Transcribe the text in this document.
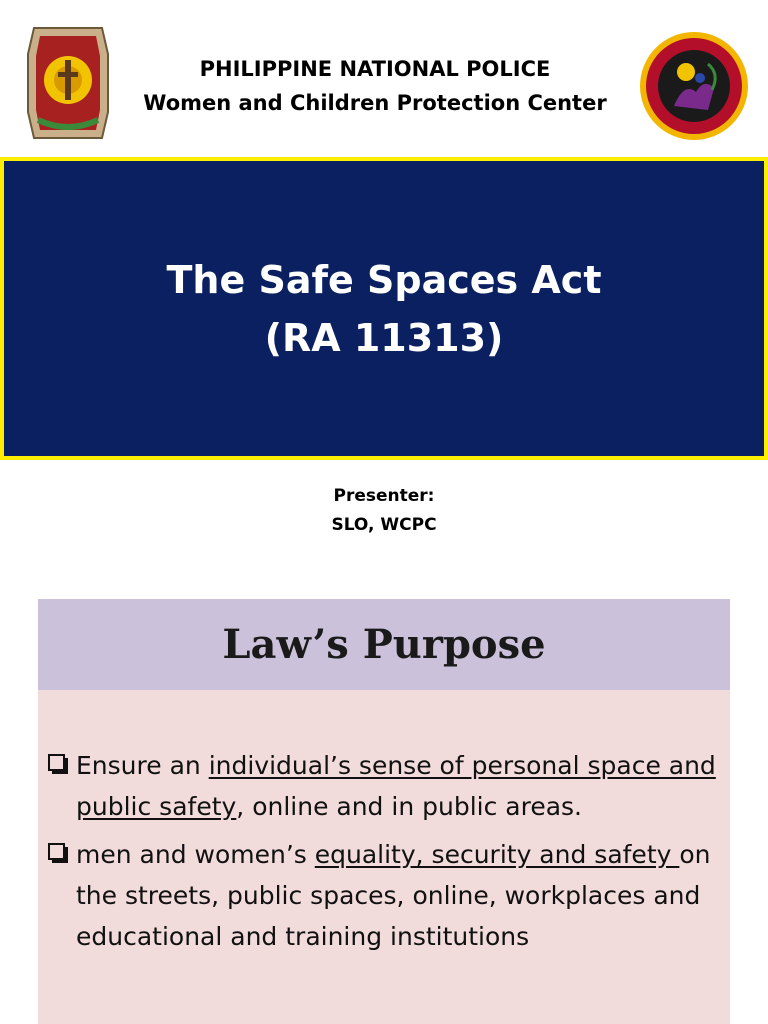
PHILIPPINE NATIONAL POLICE
Women and Children Protection Center
The Safe Spaces Act
(RA 11313)
Presenter:
SLO, WCPC
Law’s Purpose
Ensure an individual’s sense of personal space and public safety, online and in public areas.
men and women’s equality, security and safety on the streets, public spaces, online, workplaces and educational and training institutions
